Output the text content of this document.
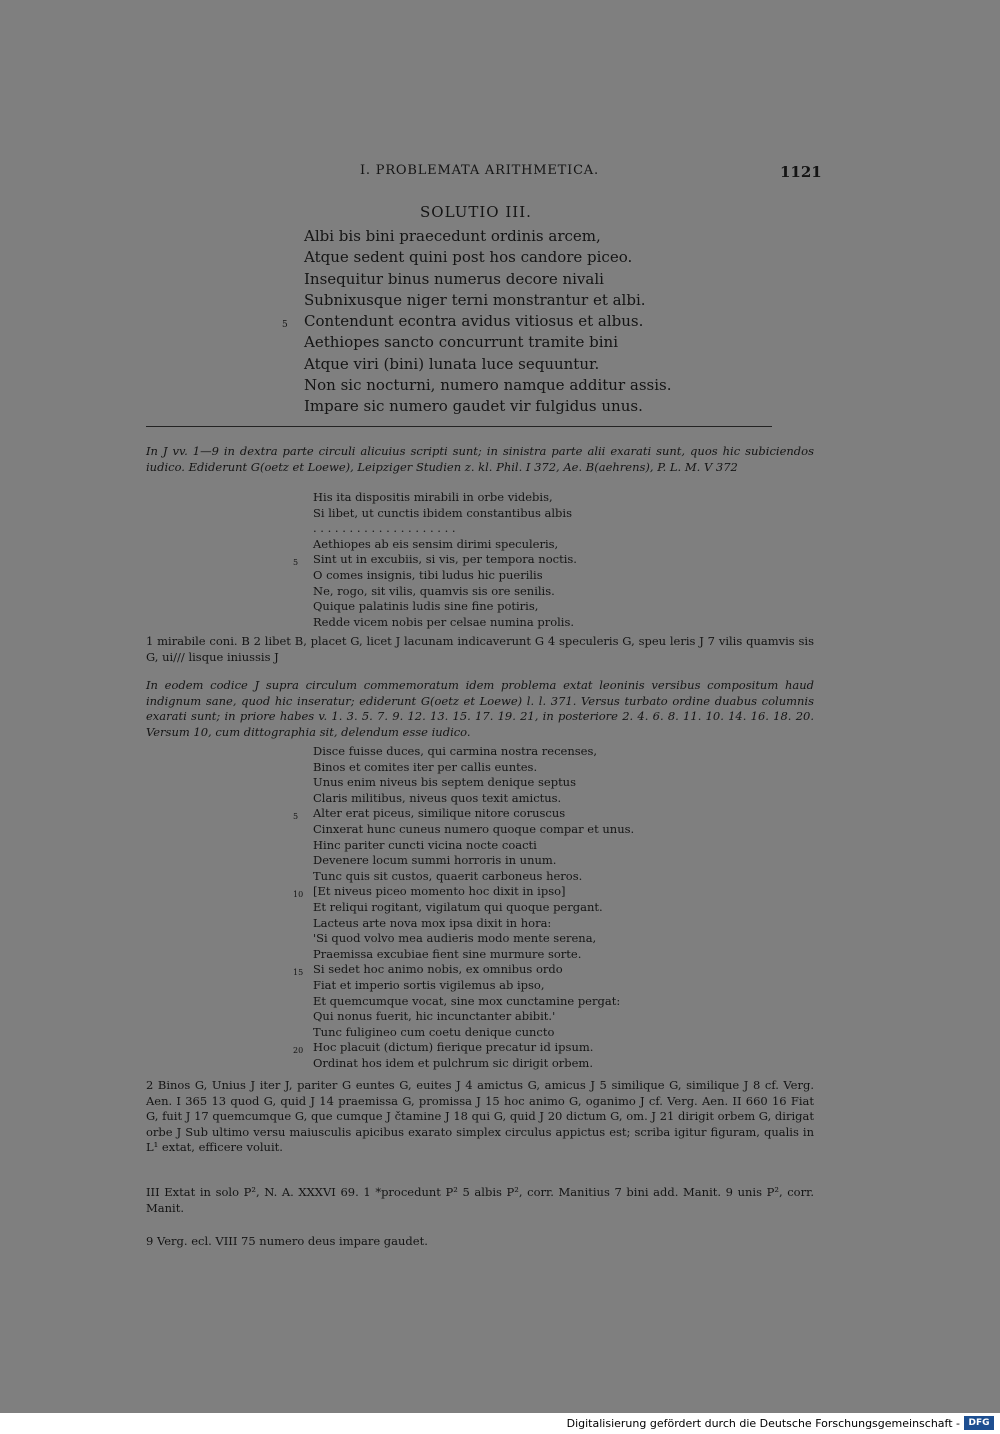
I. PROBLEMATA ARITHMETICA.	1121
SOLUTIO III.
Albi bis bini praecedunt ordinis arcem,
Atque sedent quini post hos candore piceo.
Insequitur binus numerus decore nivali
Subnixusque niger terni monstrantur et albi.
5 Contendunt econtra avidus vitiosus et albus.
Aethiopes sancto concurrunt tramite bini
Atque viri (bini) lunata luce sequuntur.
Non sic nocturni, numero namque additur assis.
Impare sic numero gaudet vir fulgidus unus.
In J vv. 1—9 in dextra parte circuli alicuius scripti sunt; in sinistra parte alii exarati sunt, quos hic subiciendos iudico. Ediderunt G(oetz et Loewe), Leipziger Studien z. kl. Phil. I 372, Ae. B(aehrens), P. L. M. V 372
His ita dispositis mirabili in orbe videbis,
Si libet, ut cunctis ibidem constantibus albis
. . . . . . . . . . . . . . . . . . . .
Aethiopes ab eis sensim dirimi speculeris,
5 Sint ut in excubiis, si vis, per tempora noctis.
O comes insignis, tibi ludus hic puerilis
Ne, rogo, sit vilis, quamvis sis ore senilis.
Quique palatinis ludis sine fine potiris,
Redde vicem nobis per celsae numina prolis.
1 mirabile coni. B 2 libet B, placet G, licet J lacunam indicaverunt G 4 speculeris G, speu leris J 7 vilis quamvis sis G, ui/// lisque iniussis J
In eodem codice J supra circulum commemoratum idem problema extat leoninis versibus compositum haud indignum sane, quod hic inseratur; ediderunt G(oetz et Loewe) l. l. 371. Versus turbato ordine duabus columnis exarati sunt; in priore habes v. 1. 3. 5. 7. 9. 12. 13. 15. 17. 19. 21, in posteriore 2. 4. 6. 8. 11. 10. 14. 16. 18. 20. Versum 10, cum dittographia sit, delendum esse iudico.
Disce fuisse duces, qui carmina nostra recenses,
Binos et comites iter per callis euntes.
Unus enim niveus bis septem denique septus
Claris militibus, niveus quos texit amictus.
5 Alter erat piceus, similique nitore coruscus
Cinxerat hunc cuneus numero quoque compar et unus.
Hinc pariter cuncti vicina nocte coacti
Devenere locum summi horroris in unum.
Tunc quis sit custos, quaerit carboneus heros.
10 [Et niveus piceo momento hoc dixit in ipso]
Et reliqui rogitant, vigilatum qui quoque pergant.
Lacteus arte nova mox ipsa dixit in hora:
'Si quod volvo mea audieris modo mente serena,
Praemissa excubiae fient sine murmure sorte.
15 Si sedet hoc animo nobis, ex omnibus ordo
Fiat et imperio sortis vigilemus ab ipso,
Et quemcumque vocat, sine mox cunctamine pergat:
Qui nonus fuerit, hic incunctanter abibit.'
Tunc fuligineo cum coetu denique cuncto
20 Hoc placuit (dictum) fierique precatur id ipsum.
Ordinat hos idem et pulchrum sic dirigit orbem.
2 Binos G, Unius J iter J, pariter G euntes G, euites J 4 amictus G, amicus J 5 similique G, similique J 8 cf. Verg. Aen. I 365 13 quod G, quid J 14 praemissa G, promissa J 15 hoc animo G, oganimo J cf. Verg. Aen. II 660 16 Fiat G, fuit J 17 quemcumque G, que cumque J čtamine J 18 qui G, quid J 20 dictum G, om. J 21 dirigit orbem G, dirigat orbe J Sub ultimo versu maiusculis apicibus exarato simplex circulus appictus est; scriba igitur figuram, qualis in L¹ extat, efficere voluit.
III Extat in solo P², N. A. XXXVI 69. 1 *procedunt P² 5 albis P², corr. Manitius 7 bini add. Manit. 9 unis P², corr. Manit.
9 Verg. ecl. VIII 75 numero deus impare gaudet.
Digitalisierung gefördert durch die Deutsche Forschungsgemeinschaft - DFG
